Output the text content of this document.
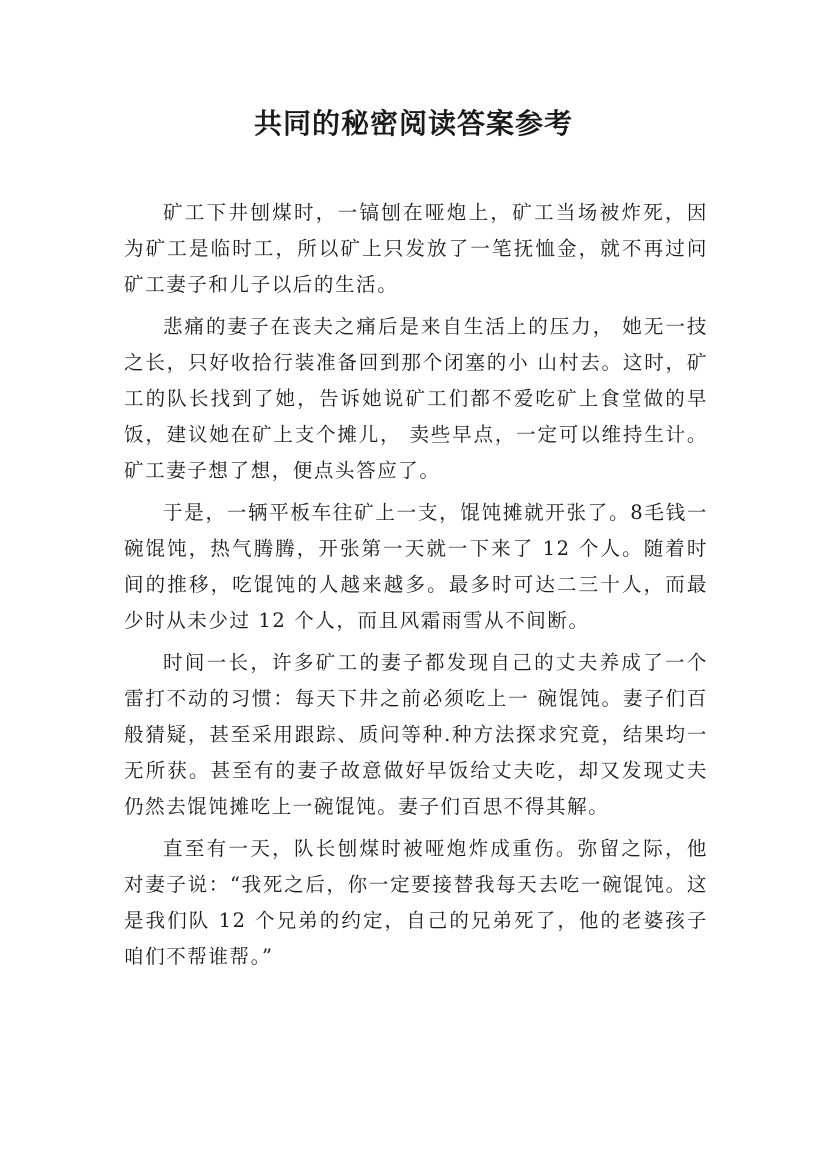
共同的秘密阅读答案参考

矿工下井刨煤时，一镐刨在哑炮上，矿工当场被炸死，因为矿工是临时工，所以矿上只发放了一笔抚恤金，就不再过问矿工妻子和儿子以后的生活。

悲痛的妻子在丧夫之痛后是来自生活上的压力， 她无一技之长，只好收拾行装准备回到那个闭塞的小 山村去。这时，矿工的队长找到了她，告诉她说矿工们都不爱吃矿上食堂做的早饭，建议她在矿上支个摊儿， 卖些早点，一定可以维持生计。矿工妻子想了想，便点头答应了。

于是，一辆平板车往矿上一支，馄饨摊就开张了。8毛钱一碗馄饨，热气腾腾，开张第一天就一下来了 12 个人。随着时间的推移，吃馄饨的人越来越多。最多时可达二三十人，而最少时从未少过 12 个人，而且风霜雨雪从不间断。

时间一长，许多矿工的妻子都发现自己的丈夫养成了一个雷打不动的习惯：每天下井之前必须吃上一 碗馄饨。妻子们百般猜疑，甚至采用跟踪、质问等种.种方法探求究竟，结果均一无所获。甚至有的妻子故意做好早饭给丈夫吃，却又发现丈夫仍然去馄饨摊吃上一碗馄饨。妻子们百思不得其解。

直至有一天，队长刨煤时被哑炮炸成重伤。弥留之际，他对妻子说：“我死之后，你一定要接替我每天去吃一碗馄饨。这是我们队 12 个兄弟的约定，自己的兄弟死了，他的老婆孩子咱们不帮谁帮。”
